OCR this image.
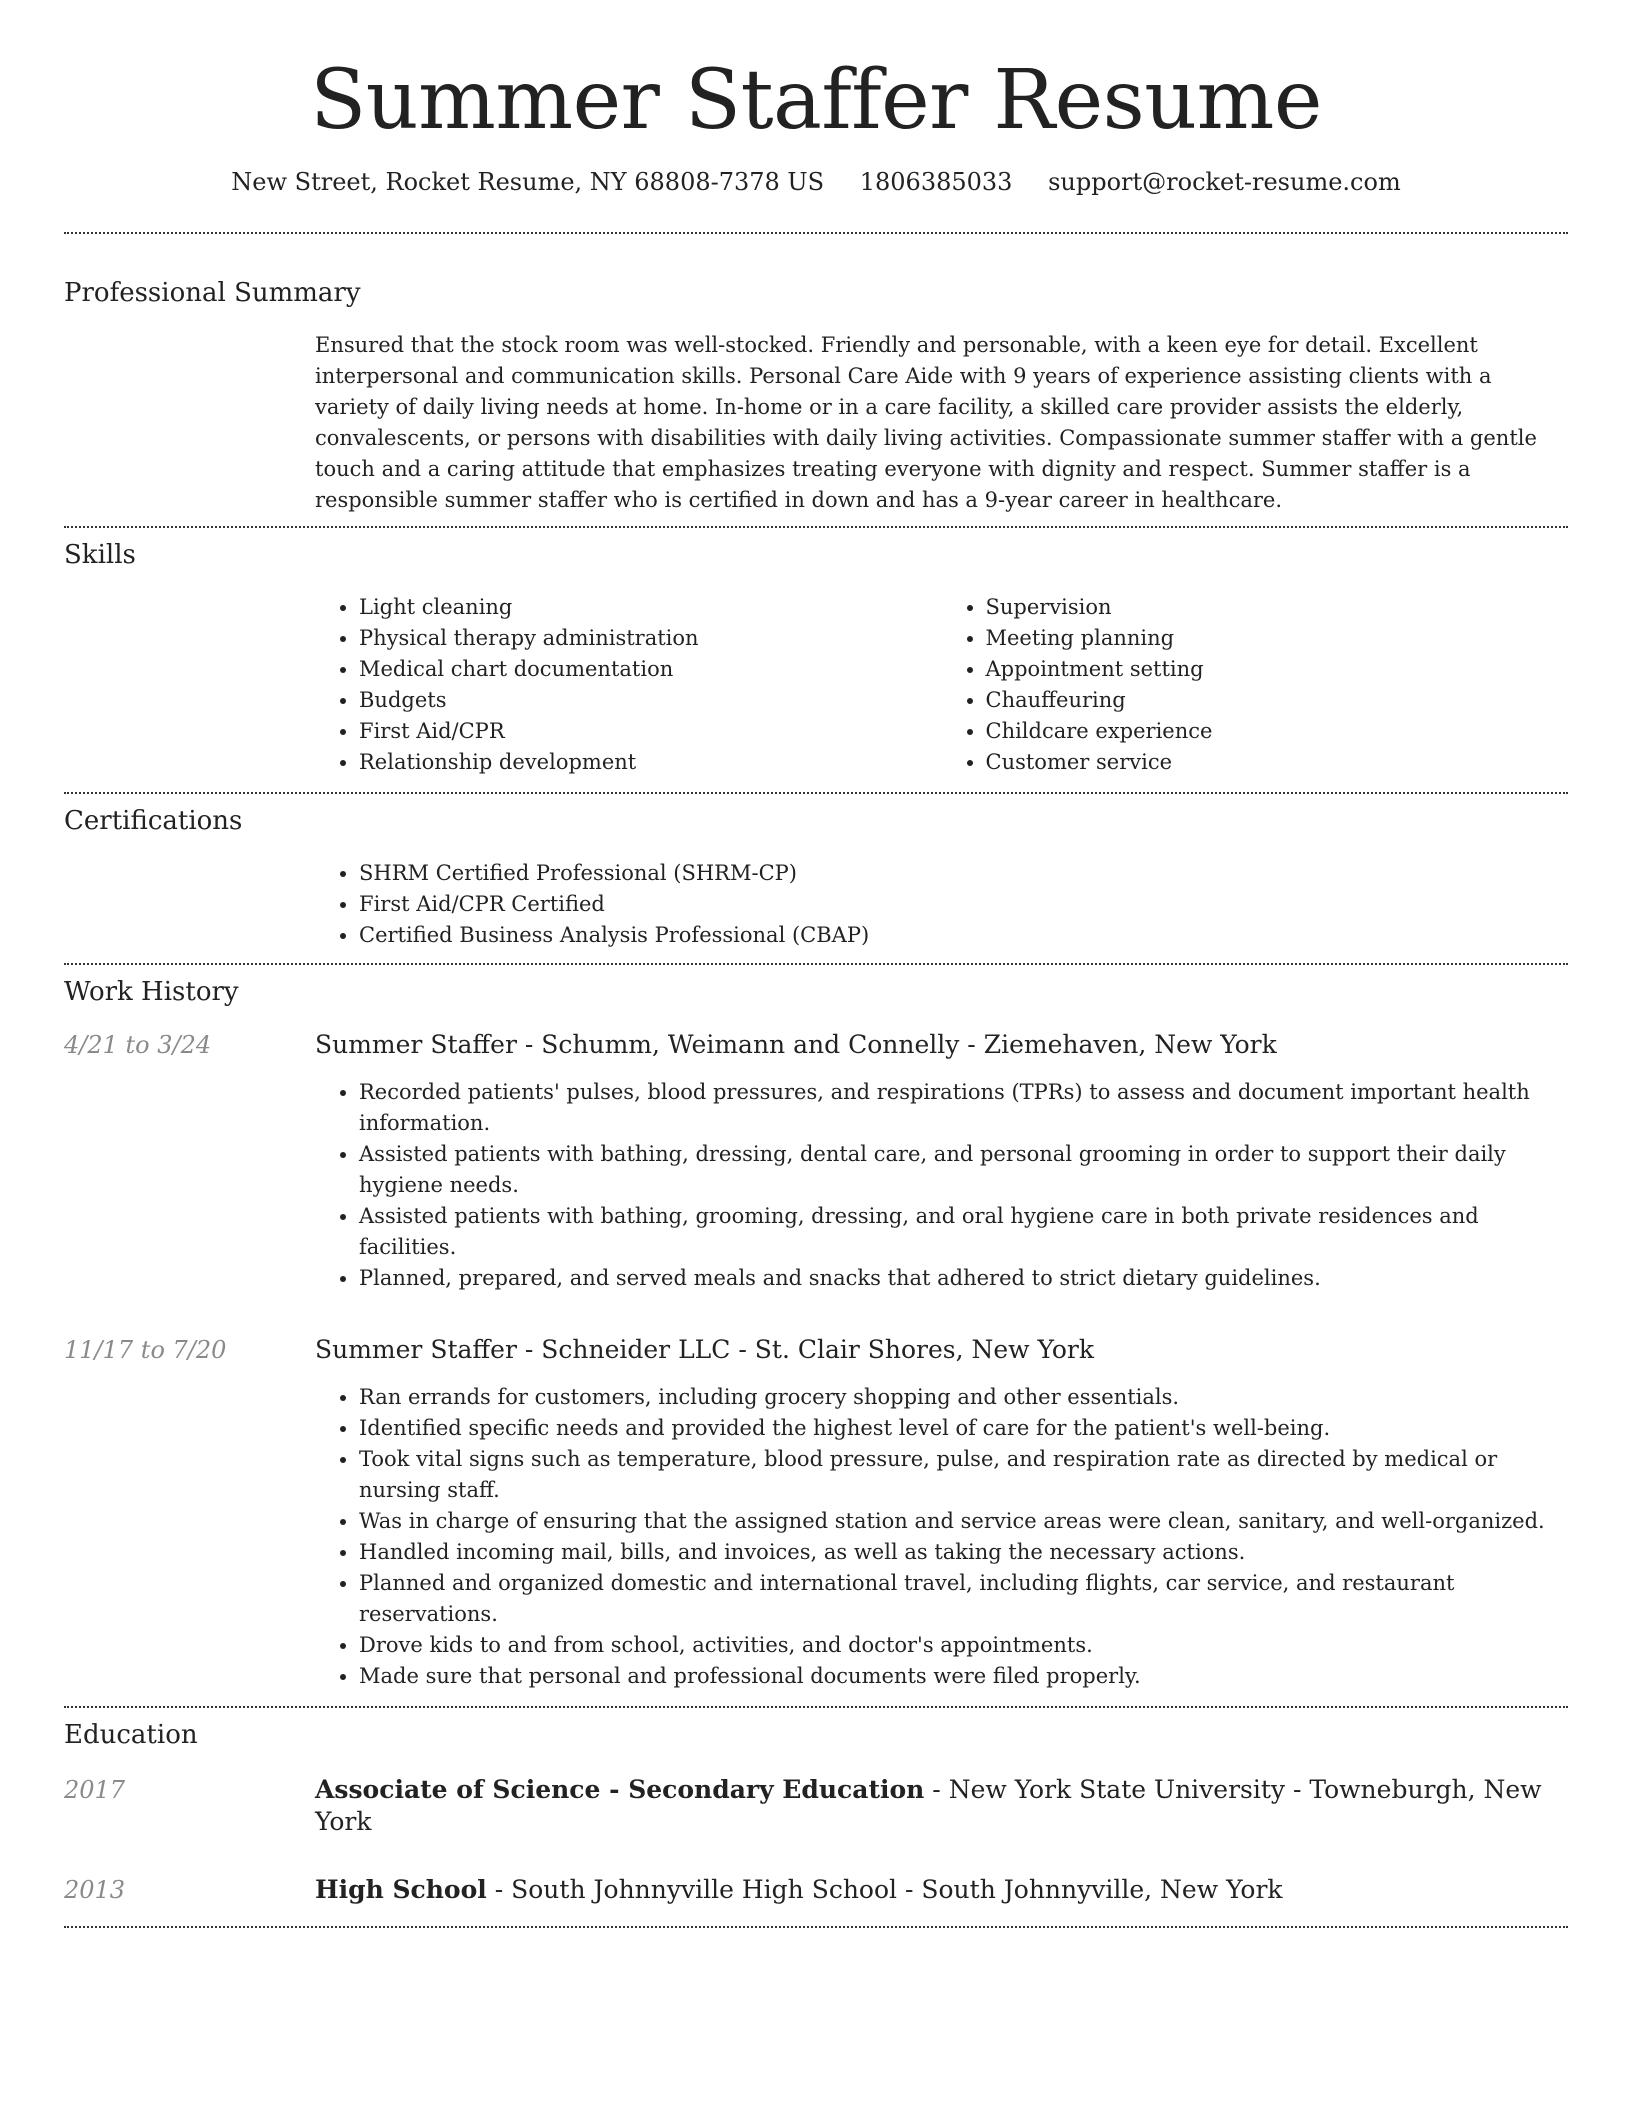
Summer Staffer Resume
New Street, Rocket Resume, NY 68808-7378 US 1806385033 support@rocket-resume.com
Professional Summary

Ensured that the stock room was well-stocked. Friendly and personable, with a keen eye for detail. Excellent interpersonal and communication skills. Personal Care Aide with 9 years of experience assisting clients with a variety of daily living needs at home. In-home or in a care facility, a skilled care provider assists the elderly, convalescents, or persons with disabilities with daily living activities. Compassionate summer staffer with a gentle touch and a caring attitude that emphasizes treating everyone with dignity and respect. Summer staffer is a responsible summer staffer who is certified in down and has a 9-year career in healthcare.

Skills
• Light cleaning
• Physical therapy administration
• Medical chart documentation
• Budgets
• First Aid/CPR
• Relationship development
• Supervision
• Meeting planning
• Appointment setting
• Chauffeuring
• Childcare experience
• Customer service
Certifications
• SHRM Certified Professional (SHRM-CP)
• First Aid/CPR Certified
• Certified Business Analysis Professional (CBAP)
Work History
4/21 to 3/24	Summer Staffer - Schumm, Weimann and Connelly - Ziemehaven, New York

• Recorded patients' pulses, blood pressures, and respirations (TPRs) to assess and document important health information.
• Assisted patients with bathing, dressing, dental care, and personal grooming in order to support their daily hygiene needs.
• Assisted patients with bathing, grooming, dressing, and oral hygiene care in both private residences and facilities.
• Planned, prepared, and served meals and snacks that adhered to strict dietary guidelines.
11/17 to 7/20	Summer Staffer - Schneider LLC - St. Clair Shores, New York

• Ran errands for customers, including grocery shopping and other essentials.
• Identified specific needs and provided the highest level of care for the patient's well-being.
• Took vital signs such as temperature, blood pressure, pulse, and respiration rate as directed by medical or nursing staff.
• Was in charge of ensuring that the assigned station and service areas were clean, sanitary, and well-organized.
• Handled incoming mail, bills, and invoices, as well as taking the necessary actions.
• Planned and organized domestic and international travel, including flights, car service, and restaurant reservations.
• Drove kids to and from school, activities, and doctor's appointments.
• Made sure that personal and professional documents were filed properly.
Education
2017	Associate of Science - Secondary Education - New York State University - Towneburgh, New York

2013	High School - South Johnnyville High School - South Johnnyville, New York
